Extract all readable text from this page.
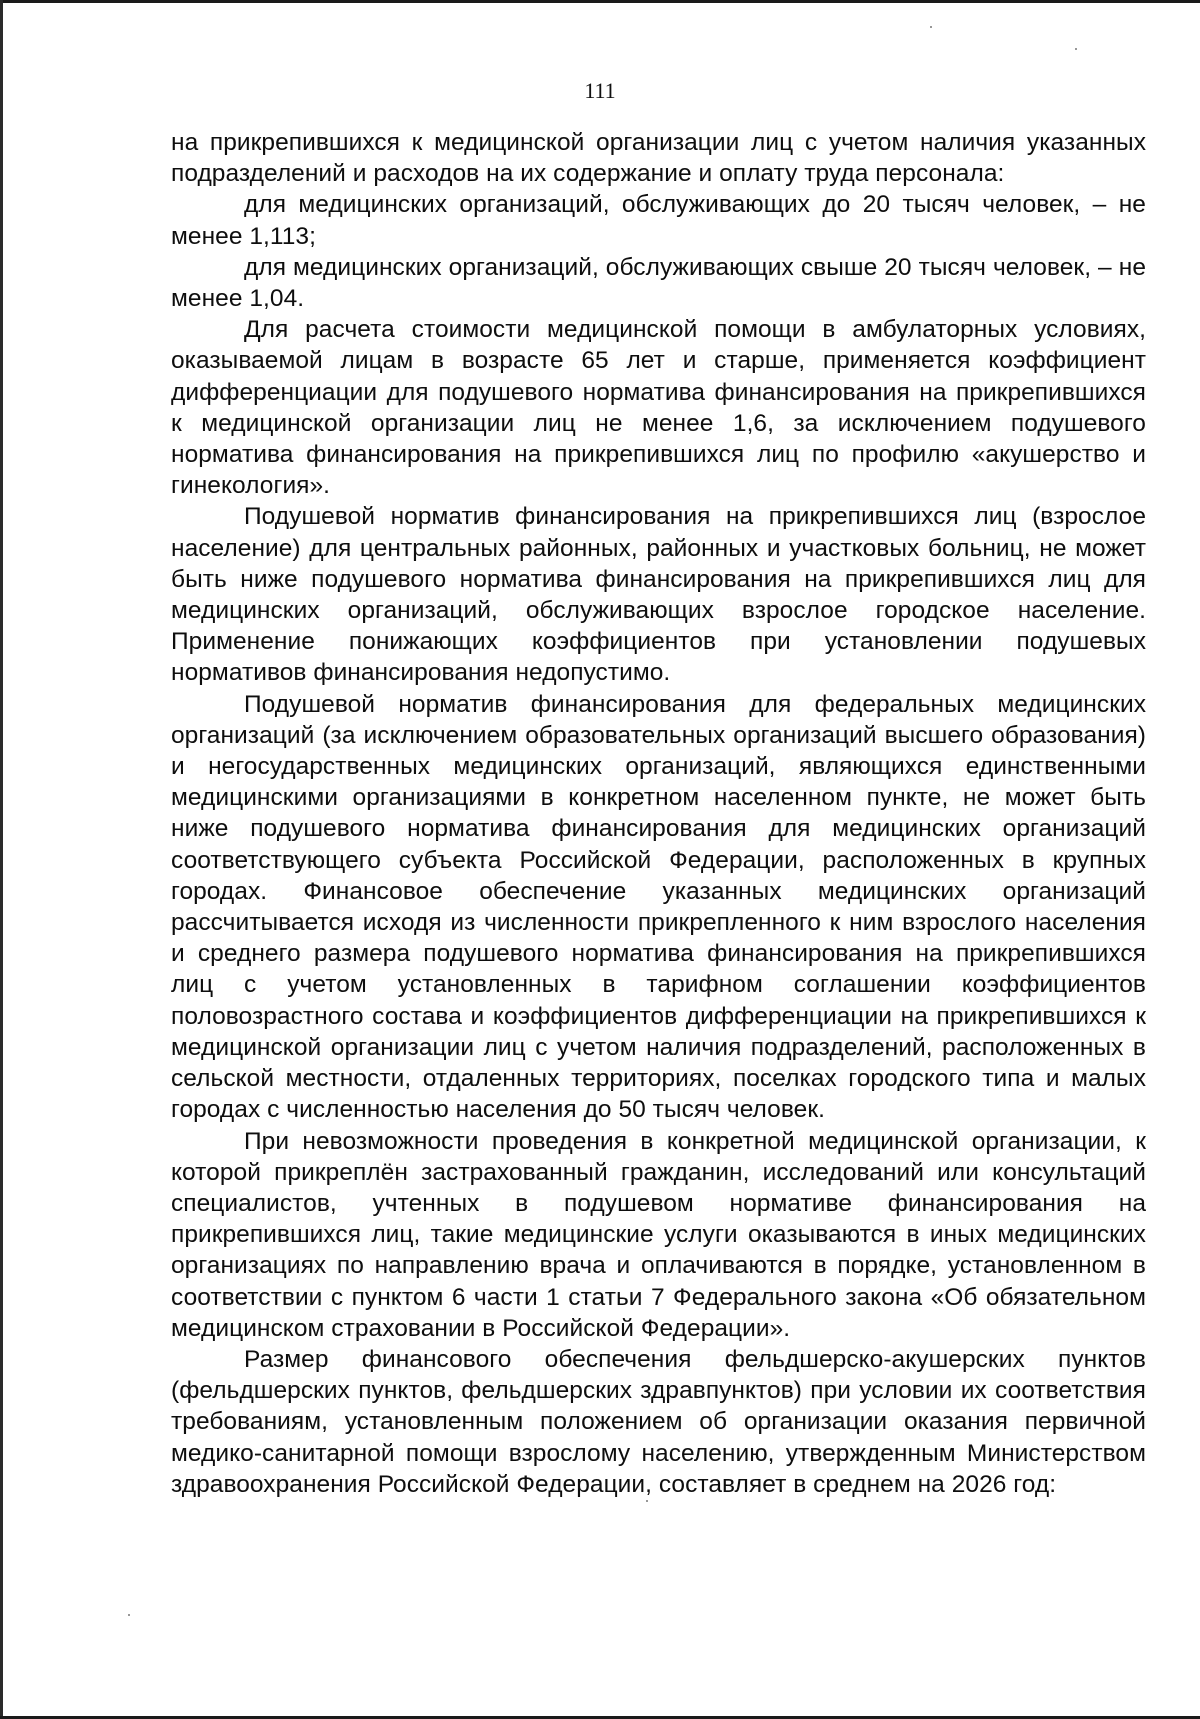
111

на прикрепившихся к медицинской организации лиц с учетом наличия указанных подразделений и расходов на их содержание и оплату труда персонала:

для медицинских организаций, обслуживающих до 20 тысяч человек, – не менее 1,113;

для медицинских организаций, обслуживающих свыше 20 тысяч человек, – не менее 1,04.

Для расчета стоимости медицинской помощи в амбулаторных условиях, оказываемой лицам в возрасте 65 лет и старше, применяется коэффициент дифференциации для подушевого норматива финансирования на прикрепившихся к медицинской организации лиц не менее 1,6, за исключением подушевого норматива финансирования на прикрепившихся лиц по профилю «акушерство и гинекология».

Подушевой норматив финансирования на прикрепившихся лиц (взрослое население) для центральных районных, районных и участковых больниц, не может быть ниже подушевого норматива финансирования на прикрепившихся лиц для медицинских организаций, обслуживающих взрослое городское население. Применение понижающих коэффициентов при установлении подушевых нормативов финансирования недопустимо.

Подушевой норматив финансирования для федеральных медицинских организаций (за исключением образовательных организаций высшего образования) и негосударственных медицинских организаций, являющихся единственными медицинскими организациями в конкретном населенном пункте, не может быть ниже подушевого норматива финансирования для медицинских организаций соответствующего субъекта Российской Федерации, расположенных в крупных городах. Финансовое обеспечение указанных медицинских организаций рассчитывается исходя из численности прикрепленного к ним взрослого населения и среднего размера подушевого норматива финансирования на прикрепившихся лиц с учетом установленных в тарифном соглашении коэффициентов половозрастного состава и коэффициентов дифференциации на прикрепившихся к медицинской организации лиц с учетом наличия подразделений, расположенных в сельской местности, отдаленных территориях, поселках городского типа и малых городах с численностью населения до 50 тысяч человек.

При невозможности проведения в конкретной медицинской организации, к которой прикреплён застрахованный гражданин, исследований или консультаций специалистов, учтенных в подушевом нормативе финансирования на прикрепившихся лиц, такие медицинские услуги оказываются в иных медицинских организациях по направлению врача и оплачиваются в порядке, установленном в соответствии с пунктом 6 части 1 статьи 7 Федерального закона «Об обязательном медицинском страховании в Российской Федерации».

Размер финансового обеспечения фельдшерско-акушерских пунктов (фельдшерских пунктов, фельдшерских здравпунктов) при условии их соответствия требованиям, установленным положением об организации оказания первичной медико-санитарной помощи взрослому населению, утвержденным Министерством здравоохранения Российской Федерации, составляет в среднем на 2026 год:
